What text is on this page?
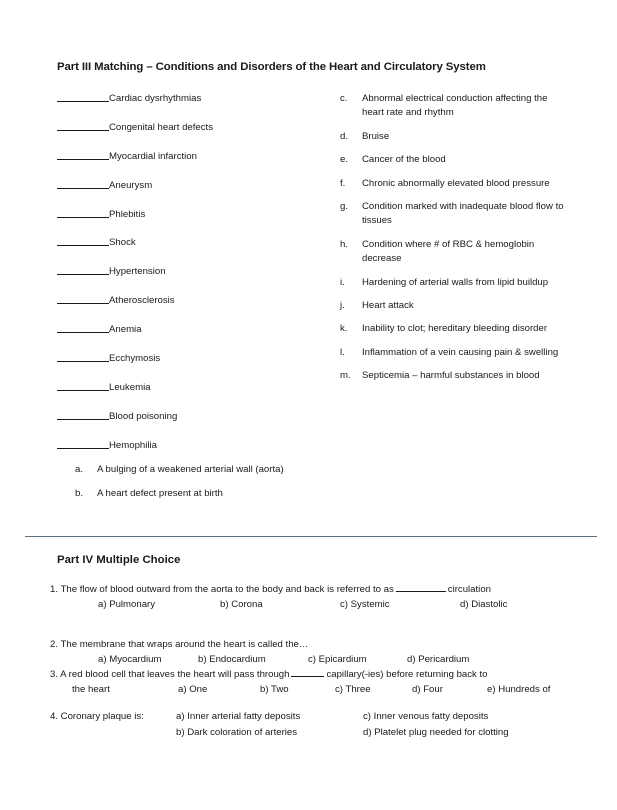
Part III Matching – Conditions and Disorders of the Heart and Circulatory System
Cardiac dysrhythmias
Congenital heart defects
Myocardial infarction
Aneurysm
Phlebitis
Shock
Hypertension
Atherosclerosis
Anemia
Ecchymosis
Leukemia
Blood poisoning
Hemophilia
a.	A bulging of a weakened arterial wall (aorta)
b.	A heart defect present at birth
c.	Abnormal electrical conduction affecting the heart rate and rhythm
d.	Bruise
e.	Cancer of the blood
f.	Chronic abnormally elevated blood pressure
g.	Condition marked with inadequate blood flow to tissues
h.	Condition where # of RBC & hemoglobin decrease
i.	Hardening of arterial walls from lipid buildup
j.	Heart attack
k.	Inability to clot; hereditary bleeding disorder
l.	Inflammation of a vein causing pain & swelling
m.	Septicemia – harmful substances in blood
Part IV Multiple Choice
1. The flow of blood outward from the aorta to the body and back is referred to as	circulation
a) Pulmonary	b) Corona	c) Systemic	d) Diastolic
2. The membrane that wraps around the heart is called the…
a) Myocardium	b) Endocardium	c) Epicardium	d) Pericardium
3. A red blood cell that leaves the heart will pass through	capillary(-ies) before returning back to
the heart	a) One	b) Two	c) Three	d) Four	e) Hundreds of
4. Coronary plaque is:	a) Inner arterial fatty deposits
b) Dark coloration of arteries
c) Inner venous fatty deposits
d) Platelet plug needed for clotting
